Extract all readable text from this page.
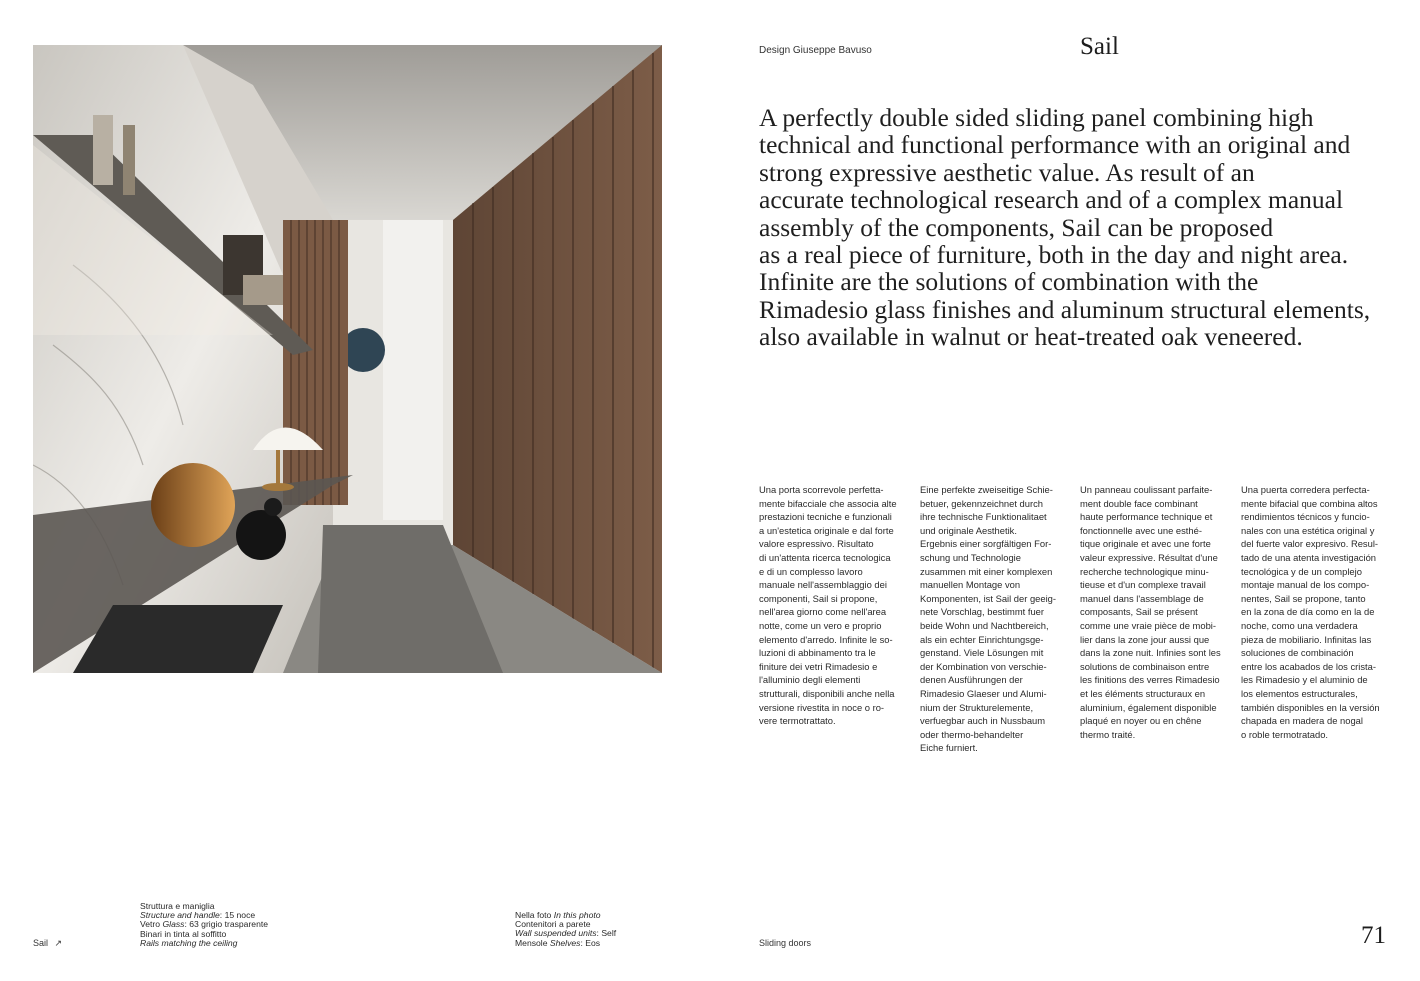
Design Giuseppe Bavuso	Sail
A perfectly double sided sliding panel combining high
technical and functional performance with an original and
strong expressive aesthetic value. As result of an
accurate technological research and of a complex manual
assembly of the components, Sail can be proposed
as a real piece of furniture, both in the day and night area.
Infinite are the solutions of combination with the
Rimadesio glass finishes and aluminum structural elements,
also available in walnut or heat-treated oak veneered.
Una porta scorrevole perfetta-
mente bifacciale che associa alte
prestazioni tecniche e funzionali
a un'estetica originale e dal forte
valore espressivo. Risultato
di un'attenta ricerca tecnologica
e di un complesso lavoro
manuale nell'assemblaggio dei
componenti, Sail si propone,
nell'area giorno come nell'area
notte, come un vero e proprio
elemento d'arredo. Infinite le so-
luzioni di abbinamento tra le
finiture dei vetri Rimadesio e
l'alluminio degli elementi
strutturali, disponibili anche nella
versione rivestita in noce o ro-
vere termotrattato.
Eine perfekte zweiseitige Schie-
betuer, gekennzeichnet durch
ihre technische Funktionalitaet
und originale Aesthetik.
Ergebnis einer sorgfältigen For-
schung und Technologie
zusammen mit einer komplexen
manuellen Montage von
Komponenten, ist Sail der geeig-
nete Vorschlag, bestimmt fuer
beide Wohn und Nachtbereich,
als ein echter Einrichtungsge-
genstand. Viele Lösungen mit
der Kombination von verschie-
denen Ausführungen der
Rimadesio Glaeser und Alumi-
nium der Strukturelemente,
verfuegbar auch in Nussbaum
oder thermo-behandelter
Eiche furniert.
Un panneau coulissant parfaite-
ment double face combinant
haute performance technique et
fonctionnelle avec une esthé-
tique originale et avec une forte
valeur expressive. Résultat d'une
recherche technologique minu-
tieuse et d'un complexe travail
manuel dans l'assemblage de
composants, Sail se présent
comme une vraie pièce de mobi-
lier dans la zone jour aussi que
dans la zone nuit. Infinies sont les
solutions de combinaison entre
les finitions des verres Rimadesio
et les éléments structuraux en
aluminium, également disponible
plaqué en noyer ou en chêne
thermo traité.
Una puerta corredera perfecta-
mente bifacial que combina altos
rendimientos técnicos y funcio-
nales con una estética original y
del fuerte valor expresivo. Resul-
tado de una atenta investigación
tecnológica y de un complejo
montaje manual de los compo-
nentes, Sail se propone, tanto
en la zona de día como en la de
noche, como una verdadera
pieza de mobiliario. Infinitas las
soluciones de combinación
entre los acabados de los crista-
les Rimadesio y el aluminio de
los elementos estructurales,
también disponibles en la versión
chapada en madera de nogal
o roble termotratado.
Sail ↗
Struttura e maniglia
Structure and handle: 15 noce
Vetro Glass: 63 grigio trasparente
Binari in tinta al soffitto
Rails matching the ceiling
Nella foto In this photo
Contenitori a parete
Wall suspended units: Self
Mensole Shelves: Eos	Sliding doors	71
